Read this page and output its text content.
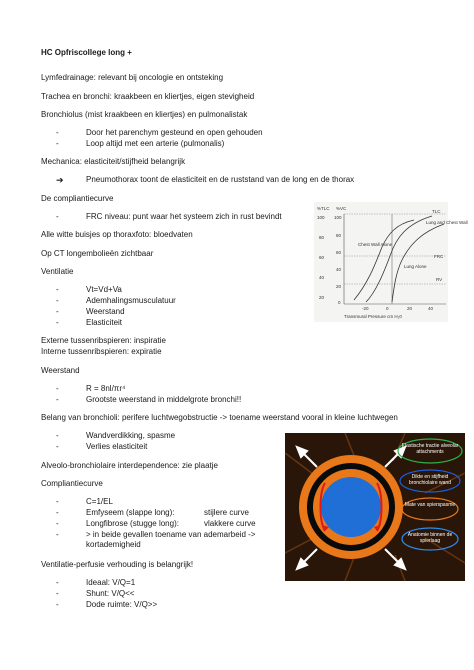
HC Opfriscollege long +
Lymfedrainage: relevant bij oncologie en ontsteking
Trachea en bronchi: kraakbeen en kliertjes, eigen stevigheid
Bronchiolus (mist kraakbeen en kliertjes) en pulmonalistak
-	Door het parenchym gesteund en open gehouden
-	Loop altijd met een arterie (pulmonalis)
Mechanica: elasticiteit/stijfheid belangrijk
➔	Pneumothorax toont de elasticiteit en de ruststand van de long en de thorax
De compliantiecurve
-	FRC niveau: punt waar het systeem zich in rust bevindt
Alle witte buisjes op thoraxfoto: bloedvaten
Op CT longembolieën zichtbaar
Ventilatie
-	Vt=Vd+Va
-	Ademhalingsmusculatuur
-	Weerstand
-	Elasticiteit
Externe tussenribspieren: inspiratie
Interne tussenribspieren: expiratie
Weerstand
-	R = 8nl/πr⁴
-	Grootste weerstand in middelgrote bronchi!!
Belang van bronchioli: perifere luchtwegobstructie -> toename weerstand vooral in kleine luchtwegen
-	Wandverdikking, spasme
-	Verlies elasticiteit
Alveolo-bronchiolaire interdependence: zie plaatje
Compliantiecurve
-	C=1/EL
-	Emfyseem (slappe long):	stijlere curve
-	Longfibrose (stugge long):	vlakkere curve
-	> in beide gevallen toename van ademarbeid ->
kortademigheid
Ventilatie-perfusie verhouding is belangrijk!
-	Ideaal: V/Q=1
-	Shunt: V/Q<<
-	Dode ruimte: V/Q>>
%TLC %VC
100
80
60
40
20
100
80
60
40
20
0
-20	0	20	40
Transmural Pressure cm H₂0
TLC
Lung and Chest Wall
Chest Wall Alone
FRC
Lung Alone
RV
Elastische tractie alveolar attachments
Dikte en stijfheid bronchiolaire wand
Mate van spierspasme
Anatomie binnen de spierlaag
